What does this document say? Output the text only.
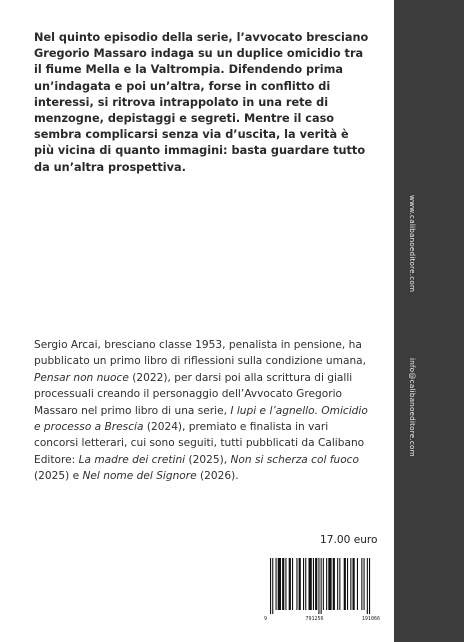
Nel quinto episodio della serie, l’avvocato bresciano Gregorio Massaro indaga su un duplice omicidio tra il fiume Mella e la Valtrompia. Difendendo prima un’indagata e poi un’altra, forse in conflitto di interessi, si ritrova intrappolato in una rete di menzogne, depistaggi e segreti. Mentre il caso sembra complicarsi senza via d’uscita, la verità è più vicina di quanto immagini: basta guardare tutto da un’altra prospettiva.

Sergio Arcai, bresciano classe 1953, penalista in pensione, ha pubblicato un primo libro di riflessioni sulla condizione umana, Pensar non nuoce (2022), per darsi poi alla scrittura di gialli processuali creando il personaggio dell’Avvocato Gregorio Massaro nel primo libro di una serie, I lupi e l’agnello. Omicidio e processo a Brescia (2024), premiato e finalista in vari concorsi letterari, cui sono seguiti, tutti pubblicati da Calibano Editore: La madre dei cretini (2025), Non si scherza col fuoco (2025) e Nel nome del Signore (2026).

17.00 euro
9	791256	191066
www.calibanoeditore.com
info@calibanoeditore.com
